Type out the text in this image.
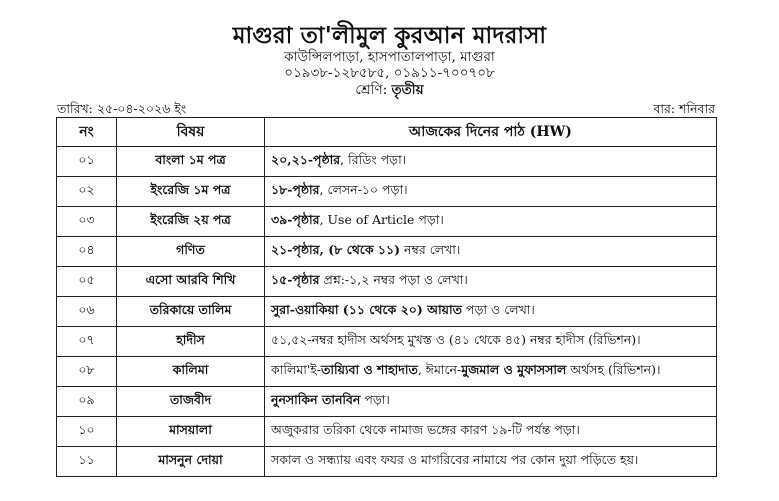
মাগুরা তা'লীমুল কুরআন মাদরাসা
কাউন্সিলপাড়া, হাসপাতালপাড়া, মাগুরা
০১৯৩৮-১২৮৫৮৫, ০১৯১১-৭০০৭০৮
শ্রেণি: তৃতীয়
তারিখ: ২৫-০৪-২০২৬ ইং	বার: শনিবার
নং	বিষয়	আজকের দিনের পাঠ (HW)
০১	বাংলা ১ম পত্র	২০,২১-পৃষ্ঠার, রিডিং পড়া।
০২	ইংরেজি ১ম পত্র	১৮-পৃষ্ঠার, লেসন-১০ পড়া।
০৩	ইংরেজি ২য় পত্র	৩৯-পৃষ্ঠার, Use of Article পড়া।
০৪	গণিত	২১-পৃষ্ঠার, (৮ থেকে ১১) নম্বর লেখা।
০৫	এসো আরবি শিখি	১৫-পৃষ্ঠার প্রশ্ন:-১,২ নম্বর পড়া ও লেখা।
০৬	তরিকায়ে তালিম	সুরা-ওয়াকিয়া (১১ থেকে ২০) আয়াত পড়া ও লেখা।
০৭	হাদীস	৫১,৫২-নম্বর হাদীস অর্থসহ মুখস্ত ও (৪১ থেকে ৪৫) নম্বর হাদীস (রিভিশন)।
০৮	কালিমা	কালিমা'ই-তায়্যিবা ও শাহাদাত, ঈমানে-মুজমাল ও মুফাসসাল অর্থসহ (রিভিশন)।
০৯	তাজবীদ	নুনসাকিন তানবিন পড়া।
১০	মাসয়ালা	অজুকরার তরিকা থেকে নামাজ ভঙ্গের কারণ ১৯-টি পর্যন্ত পড়া।
১১	মাসনুন দোয়া	সকাল ও সন্ধ্যায় এবং ফযর ও মাগরিবের নামাযে পর কোন দুয়া পড়িতে হয়।
